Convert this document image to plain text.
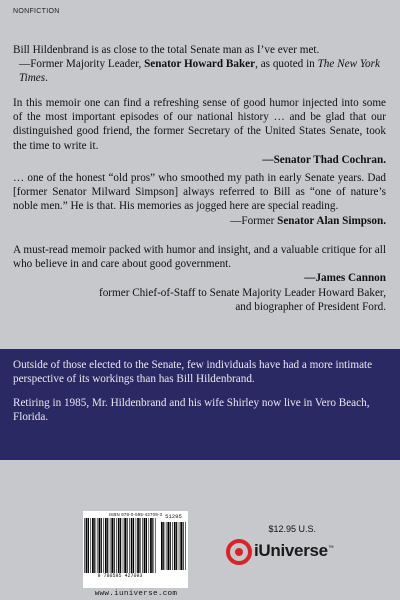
NONFICTION

Bill Hildenbrand is as close to the total Senate man as I’ve ever met.

—Former Majority Leader, Senator Howard Baker, as quoted in The New York Times.

In this memoir one can find a refreshing sense of good humor injected into some of the most important episodes of our national history … and be glad that our distinguished good friend, the former Secretary of the United States Senate, took the time to write it.

—Senator Thad Cochran.

… one of the honest “old pros” who smoothed my path in early Senate years. Dad [former Senator Milward Simpson] always referred to Bill as “one of nature’s noble men.” He is that. His memories as jogged here are special reading.

—Former Senator Alan Simpson.

A must-read memoir packed with humor and insight, and a valuable critique for all who believe in and care about good government.

—James Cannon

former Chief-of-Staff to Senate Majority Leader Howard Baker,

and biographer of President Ford.

Outside of those elected to the Senate, few individuals have had a more intimate perspective of its workings than has Bill Hildenbrand.

Retiring in 1985, Mr. Hildenbrand and his wife Shirley now live in Vero Beach, Florida.

ISBN 978-0-595-42709-3
9 780595 427093
51295
www.iuniverse.com
$12.95 U.S.
iUniverse™
